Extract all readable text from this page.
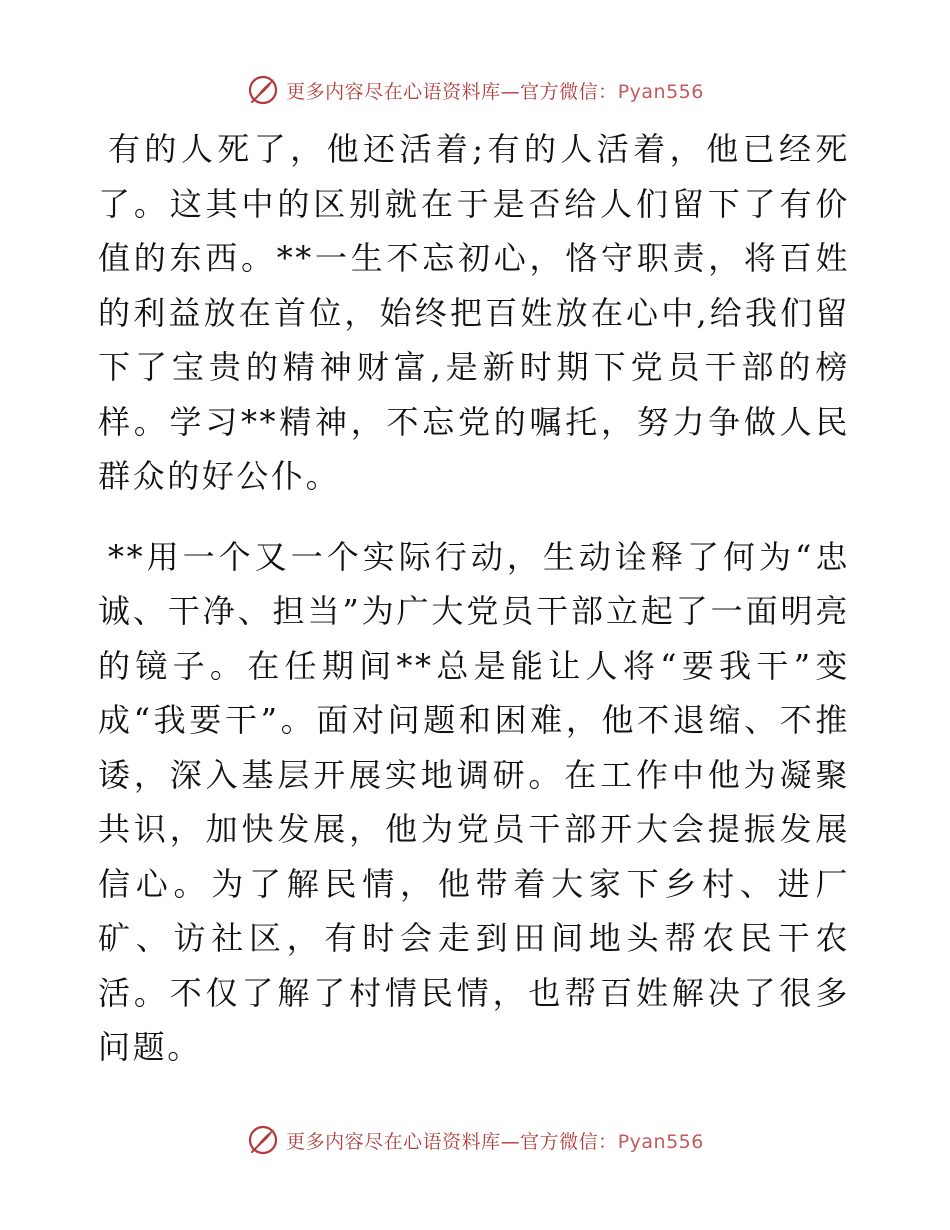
更多内容尽在心语资料库—官方微信：Pyan556

有的人死了，他还活着;有的人活着，他已经死了。这其中的区别就在于是否给人们留下了有价值的东西。**一生不忘初心，恪守职责，将百姓的利益放在首位，始终把百姓放在心中,给我们留下了宝贵的精神财富,是新时期下党员干部的榜样。学习**精神，不忘党的嘱托，努力争做人民群众的好公仆。

**用一个又一个实际行动，生动诠释了何为“忠诚、干净、担当”为广大党员干部立起了一面明亮的镜子。在任期间**总是能让人将“要我干”变成“我要干”。面对问题和困难，他不退缩、不推诿，深入基层开展实地调研。在工作中他为凝聚共识，加快发展，他为党员干部开大会提振发展信心。为了解民情，他带着大家下乡村、进厂矿、访社区，有时会走到田间地头帮农民干农活。不仅了解了村情民情，也帮百姓解决了很多问题。

更多内容尽在心语资料库—官方微信：Pyan556
